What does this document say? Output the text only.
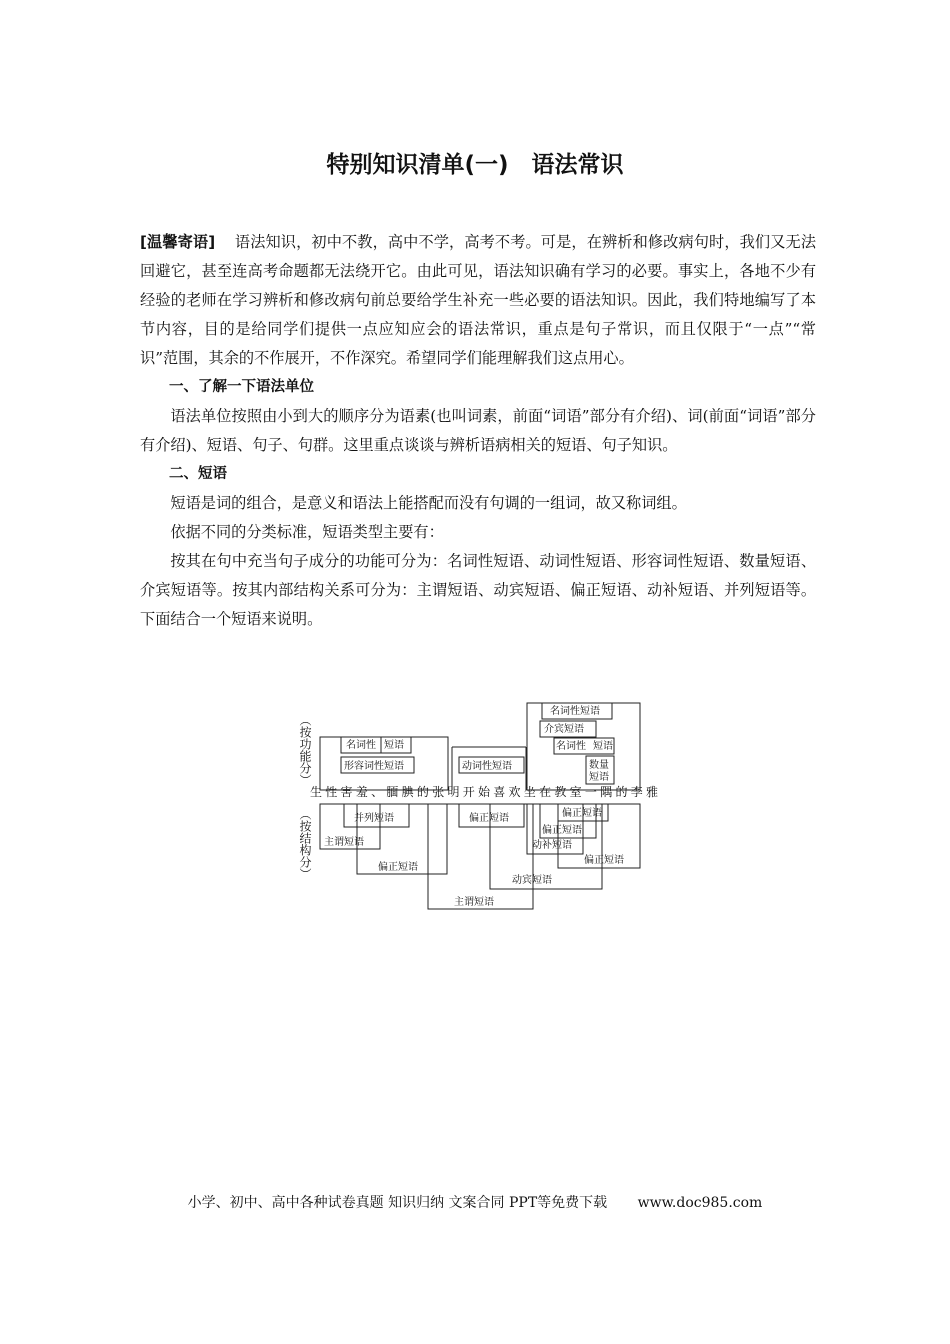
特别知识清单(一)　语法常识

[温馨寄语] 语法知识，初中不教，高中不学，高考不考。可是，在辨析和修改病句时，我们又无法回避它，甚至连高考命题都无法绕开它。由此可见，语法知识确有学习的必要。事实上，各地不少有经验的老师在学习辨析和修改病句前总要给学生补充一些必要的语法知识。因此，我们特地编写了本节内容，目的是给同学们提供一点应知应会的语法常识，重点是句子常识，而且仅限于“一点”“常识”范围，其余的不作展开，不作深究。希望同学们能理解我们这点用心。

一、了解一下语法单位

语法单位按照由小到大的顺序分为语素(也叫词素，前面“词语”部分有介绍)、词(前面“词语”部分有介绍)、短语、句子、句群。这里重点谈谈与辨析语病相关的短语、句子知识。

二、短语

短语是词的组合，是意义和语法上能搭配而没有句调的一组词，故又称词组。

依据不同的分类标准，短语类型主要有：

按其在句中充当句子成分的功能可分为：名词性短语、动词性短语、形容词性短语、数量短语、介宾短语等。按其内部结构关系可分为：主谓短语、动宾短语、偏正短语、动补短语、并列短语等。下面结合一个短语来说明。

（按功能分）
（按结构分）
生 性 害 羞 、 腼 腆 的 张 明 开 始 喜 欢 坐 在 教 室 一 隅 的 李 雅
名词性 短语
形容词性短语	动词性短语
名词性短语
介宾短语
名词性 短语
数量
短语
并列短语
主谓短语
偏正短语
偏正短语	偏正短语
偏正短语
动补短语
偏正短语
动宾短语
主谓短语
小学、初中、高中各种试卷真题 知识归纳 文案合同 PPT等免费下载 www.doc985.com
